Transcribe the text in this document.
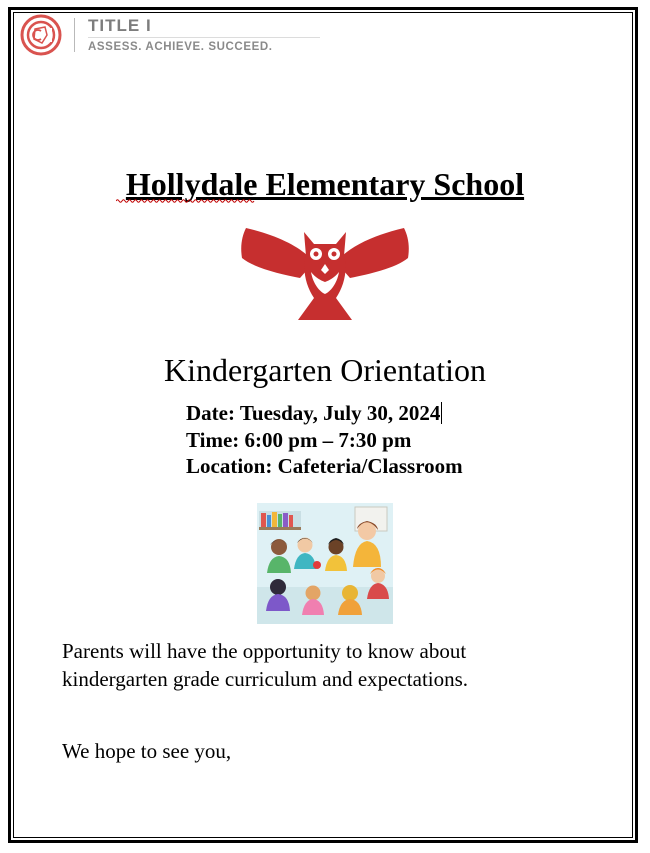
TITLE I
ASSESS. ACHIEVE. SUCCEED.
Hollydale Elementary School
Kindergarten Orientation
Date: Tuesday, July 30, 2024
Time: 6:00 pm – 7:30 pm
Location: Cafeteria/Classroom
Parents will have the opportunity to know about kindergarten grade curriculum and expectations.
We hope to see you,
